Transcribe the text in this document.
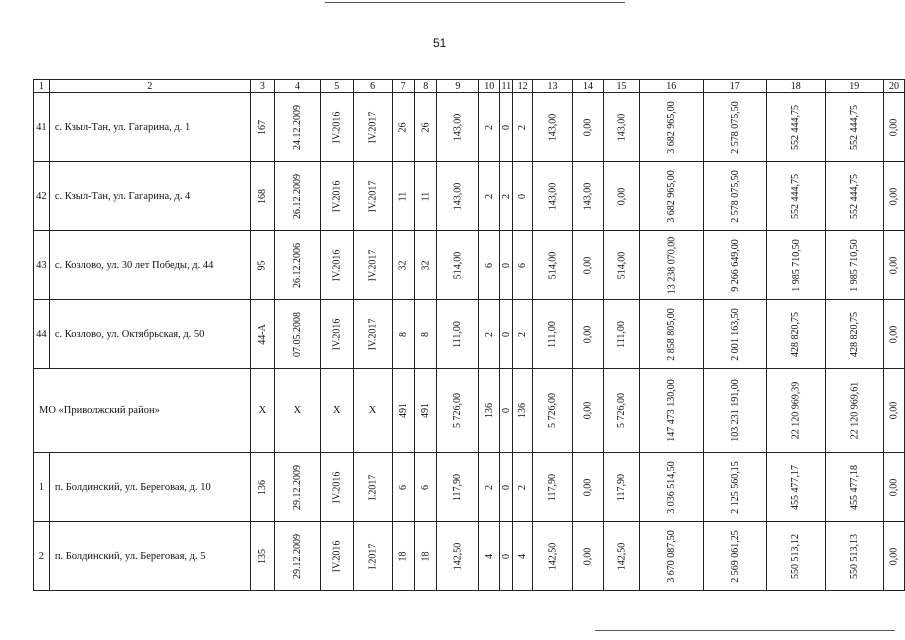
51
1	2	3	4	5	6	7	8	9	10	11	12	13	14	15	16	17	18	19	20
41	с. Кзыл-Тан, ул. Гагарина, д. 1	167	24.12.2009	IV.2016	IV.2017	26	26	143,00	2	0	2	143,00	0,00	143,00	3 682 965,00	2 578 075,50	552 444,75	552 444,75	0,00
42	с. Кзыл-Тан, ул. Гагарина, д. 4	168	26.12.2009	IV.2016	IV.2017	11	11	143,00	2	2	0	143,00	143,00	0,00	3 682 965,00	2 578 075,50	552 444,75	552 444,75	0,00
43	с. Козлово, ул. 30 лет Победы, д. 44	95	26.12.2006	IV.2016	IV.2017	32	32	514,00	6	0	6	514,00	0,00	514,00	13 238 070,00	9 266 649,00	1 985 710,50	1 985 710,50	0,00
44	с. Козлово, ул. Октябрьская, д. 50	44-А	07.05.2008	IV.2016	IV.2017	8	8	111,00	2	0	2	111,00	0,00	111,00	2 858 805,00	2 001 163,50	428 820,75	428 820,75	0,00
МО «Приволжский район»		X	X	X	X	491	491	5 726,00	136	0	136	5 726,00	0,00	5 726,00	147 473 130,00	103 231 191,00	22 120 969,39	22 120 969,61	0,00
1	п. Болдинский, ул. Береговая, д. 10	136	29.12.2009	IV.2016	I.2017	6	6	117,90	2	0	2	117,90	0,00	117,90	3 036 514,50	2 125 560,15	455 477,17	455 477,18	0,00
2	п. Болдинский, ул. Береговая, д. 5	135	29.12.2009	IV.2016	I.2017	18	18	142,50	4	0	4	142,50	0,00	142,50	3 670 087,50	2 569 061,25	550 513,12	550 513,13	0,00
